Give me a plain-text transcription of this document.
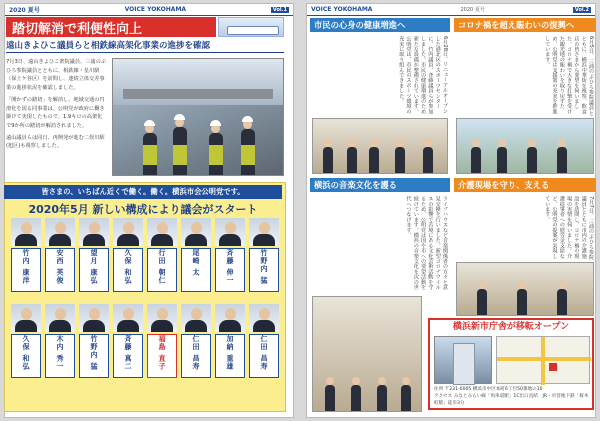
2020 夏号	VOICE YOKOHAMA	Vol.1
踏切解消で利便性向上
遠山きよひこ議員らと相鉄線高架化事業の進捗を確認

7月3日、遠山きよひこ衆院議員、三浦のぶひろ参院議員とともに、相鉄線・星川駅（保土ケ谷区）を訪問し、連続立体交差事業の進捗状況を確認しました。

「開かずの踏切」を解消し、地域交通の円滑化を図る同事業は、公明党が政府に働き掛けて実現したもので、1.9キロの高架化で9か所の踏切が解消されました。

遠山議員らは同日、再開発が進む二俣川駅(旭区)も視察しました。

皆さまの、いちばん近くで働く。働く。横浜市会公明党です。
2020年5月 新しい構成により議会がスタート
竹内 康洋	安西 英俊	望月 康弘	久保 和弘	行田 朝仁	尾崎 太	斉藤 伸一	竹野内 猛
久保 和弘	木内 秀一	竹野内 猛	斉藤 真二	福島 直子	仁田 昌寿	加納 重雄	仁田 昌寿
VOICE YOKOHAMA	2020 夏号	Vol.2
市民の心身の健康増進へ

6月28日、リニューアルオープンした港北区のスポーツセンターに、竹内議員、斉藤議員らが参加しました。市民の健康増進のため新たな設備が整備されています。公明党は、市民のスポーツ環境の充実に取り組んできました。

コロナ禍を超え賑わいの復興へ

6月5日、三浦のぶひろ参院議員とともに、横浜中華街を視察。飲食店の皆さまから要望を伺いました。コロナ禍で大きな打撃を受けた観光地の賑わいを取り戻すため、公明党は支援策の充実を推進しています。

横浜の音楽文化を護る

ライブハウスなど音楽関係者の方々と意見交換を行いました。新型コロナウイルスの影響で苦境にある文化芸術活動を守るため、公明党は国や市への要望活動を続けています。横浜の音楽文化を次の世代へつなげます。

介護現場を守り、支える

7月7日、三浦のぶひろ参院議員とともに市内の介護施設を訪問し、コロナ禍の現場の実情を伺いました。介護従事者への慰労金支給など、公明党の提案が実現しています。

横浜新市庁舎が移転オープン
住所 〒231-0005 横浜市中区本町6丁目50番地の10
アクセス みなとみらい線「馬車道駅」1C出口直結　JR・市営地下鉄「桜木町駅」徒歩3分
